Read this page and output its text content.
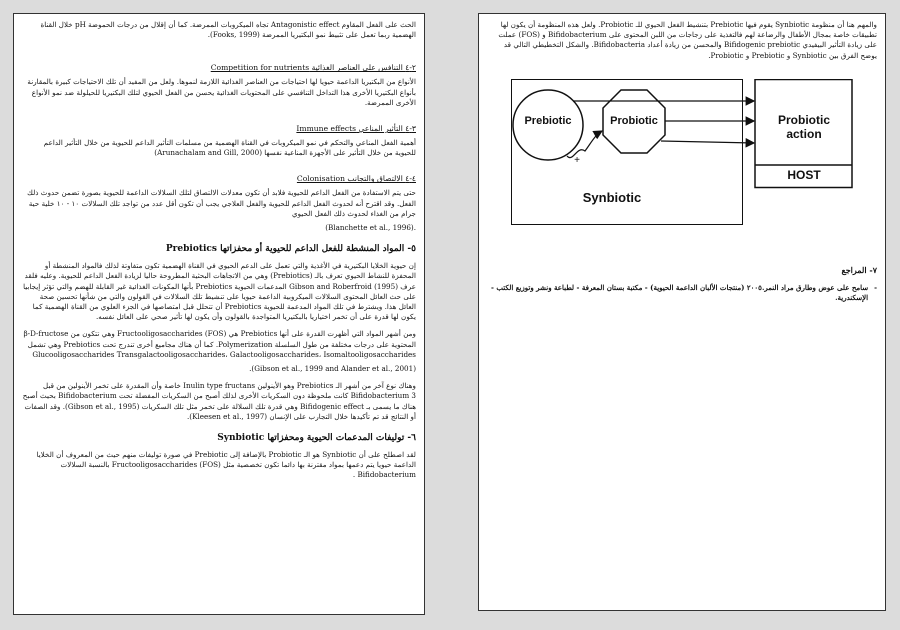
الحث على الفعل المقاوم Antagonistic effect تجاه الميكروبات الممرضة. كما أن إقلال من درجات الحموضة pH خلال القناة الهضمية ربما تعمل على تثبيط نمو البكتيريا الممرضة (Fooks, 1999).
٢-٤ التنافس على العناصر الغذائية Competition for nutrients
الأنواع من البكتيريا الداعمة حيويا لها احتياجات من العناصر الغذائية اللازمة لنموها. ولعل من المفيد أن تلك الاحتياجات كبيرة بالمقارنة بأنواع البكتيريا الأخرى هذا التداخل التنافسي على المحتويات الغذائية يحسن من الفعل الحيوي لتلك البكتيريا للحيلولة ضد نمو الأنواع الأخرى الممرضة.
٣-٤ التأثير المناعي Immune effects
أهمية الفعل المناعي والتحكم في نمو الميكروبات في القناة الهضمية من مسلمات التأثير الداعم للحيوية من خلال التأثير الداعم للحيوية من خلال التأثير على الأجهزة المناعية نفسها (Arunachalam and Gill, 2000)
٤-٤ الالتصاق والتجانب Colonisation
حتى يتم الاستفادة من الفعل الداعم للحيوية فلابد أن تكون معدلات الالتصاق لتلك السلالات الداعمة للحيوية بصورة تضمن حدوث ذلك الفعل. وقد اقترح أنه لحدوث الفعل الداعم للحيوية والفعل العلاجي يجب أن تكون أقل عدد من تواجد تلك السلالات ١٠ - ١٠ خلية حية جرام من الغذاء لحدوث ذلك الفعل الحيوي
(Blanchette et al., 1996).
٥- المواد المنشطة للفعل الداعم للحيوية أو محفزاتها Prebiotics
إن حيوية الخلايا البكتيرية في الأغذية والتي تعمل على الدعم الحيوي في القناة الهضمية تكون متفاوتة لذلك فالمواد المنشطة أو المحفزة للنشاط الحيوي تعرف بالـ (Prebiotics) وهي من الاتجاهات البحثية المطروحة حاليا لزيادة الفعل الداعم للحيوية. وعليه فلقد عرف (1995) Gibson and Roberfroid المدعمات الحيوية Prebiotics بأنها المكونات الغذائية غير القابلة للهضم والتي تؤثر إيجابيا على حث العائل المحتوى السلالات الميكروبية الداعمة حيويا على تنشيط تلك السلالات في القولون والتي من شأنها تحسين صحة العائل هذا. ويشترط في تلك المواد المدعمة للحيوية Prebiotics أن تتحلل قبل امتصاصها في الجزء العلوي من القناة الهضمية كما يكون لها قدرة على أن تخمر اختياريا بالبكتيريا المتواجدة بالقولون وأن يكون لها تأثير صحي على العائل نفسه.
ومن أشهر المواد التي أظهرت القدرة على أنها Prebiotics هي (FOS) Fructooligosaccharides وهي تتكون من β-D-fructose المحتوية على درجات مختلفة من طول السلسلة Polymerization. كما أن هناك مجاميع أخرى تندرج تحت Prebiotics وهي تشمل Glucooligosaccharides Transgalactooligosaccharides، Galactooligosaccharides، Isomaltooligosaccharides
(Gibson et al., 1999 and Alander et al., 2001).
وهناك نوع آخر من أشهر الـ Prebiotics وهو الأينولين Inulin type fructans خاصة وأن المقدرة على تخمر الأينولين من قبل Bifidobacterium 3 كانت ملحوظة دون السكريات الأخرى لذلك أصبح من السكريات المفضلة تحت Bifidobacterium بحيث أصبح هناك ما يسمى بـ Bifidogenic effect وهي قدرة تلك السلالة على تخمر مثل تلك السكريات (Gibson et al., 1995). وقد الصفات أو النتائج قد تم تأكيدها خلال التجارب على الإنسان (Kleesen et al., 1997).
٦- توليفات المدعمات الحيوية ومحفزاتها Synbiotic
لقد اصطلح على أن Synbiotic هو الـ Probiotic بالإضافة إلى Prebiotic في صورة توليفات منهم حيث من المعروف أن الخلايا الداعمة حيويا يتم دعمها بمواد مقترنة بها دائما تكون تخصصية مثل (FOS) Fructooligosaccharides بالنسبة السلالات Bifidobacterium .
والمهم هنا أن منظومة Synbiotic يقوم فيها Prebiotic بتنشيط الفعل الحيوي للـ Probiotic. ولعل هذه المنظومة أن يكون لها تطبيقات خاصة بمجال الأطفال والرضاعة لهم فالتغذية على زجاجات من اللبن المحتوى على Bifidobacterium و (FOS) عملت على زيادة التأثير البيفيدي Bifidogenic prebiotic والمحسن من زيادة أعداد Bifidobacteria. والشكل التخطيطي التالي قد يوضح الفرق بين Synbiotic و Prebiotic و Probiotic.
Prebiotic	Probiotic	Probiotic
action
HOST
+
Synbiotic
٧- المراجع
-
سامح على عوض وطارق مراد النمر.٢٠٠٥ (منتجات الألبان الداعمة الحيوية) - مكتبة بستان المعرفة - لطباعة ونشر وتوزيع الكتب - الإسكندرية.
